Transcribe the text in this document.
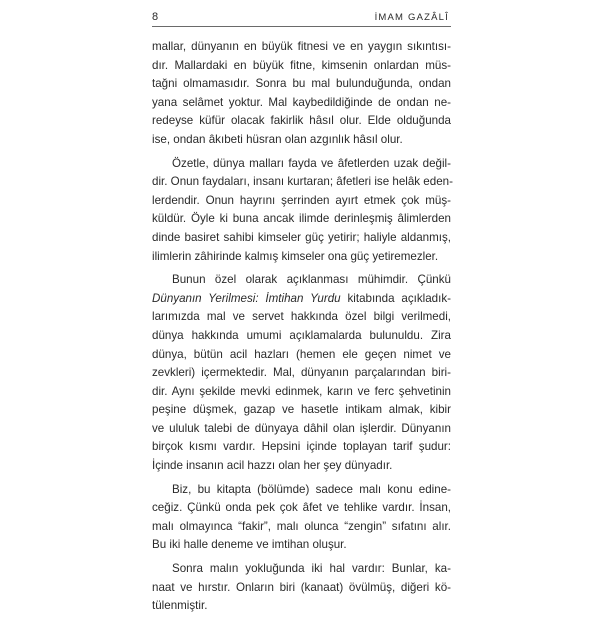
8	İMAM GAZÂLÎ

mallar, dünyanın en büyük fitnesi ve en yaygın sıkıntısı-
dır. Mallardaki en büyük fitne, kimsenin onlardan müs-
tağni olmamasıdır. Sonra bu mal bulunduğunda, ondan
yana selâmet yoktur. Mal kaybedildiğinde de ondan ne-
redeyse küfür olacak fakirlik hâsıl olur. Elde olduğunda
ise, ondan âkıbeti hüsran olan azgınlık hâsıl olur.

Özetle, dünya malları fayda ve âfetlerden uzak değil-
dir. Onun faydaları, insanı kurtaran; âfetleri ise helâk eden-
lerdendir. Onun hayrını şerrinden ayırt etmek çok müş-
küldür. Öyle ki buna ancak ilimde derinleşmiş âlimlerden
dinde basiret sahibi kimseler güç yetirir; haliyle aldanmış,
ilimlerin zâhirinde kalmış kimseler ona güç yetiremezler.

Bunun özel olarak açıklanması mühimdir. Çünkü
Dünyanın Yerilmesi: İmtihan Yurdu kitabında açıkladık-
larımızda mal ve servet hakkında özel bilgi verilmedi,
dünya hakkında umumi açıklamalarda bulunuldu. Zira
dünya, bütün acil hazları (hemen ele geçen nimet ve
zevkleri) içermektedir. Mal, dünyanın parçalarından biri-
dir. Aynı şekilde mevki edinmek, karın ve ferc şehvetinin
peşine düşmek, gazap ve hasetle intikam almak, kibir
ve ululuk talebi de dünyaya dâhil olan işlerdir. Dünyanın
birçok kısmı vardır. Hepsini içinde toplayan tarif şudur:
İçinde insanın acil hazzı olan her şey dünyadır.

Biz, bu kitapta (bölümde) sadece malı konu edine-
ceğiz. Çünkü onda pek çok âfet ve tehlike vardır. İnsan,
malı olmayınca “fakir”, malı olunca “zengin” sıfatını alır.
Bu iki halle deneme ve imtihan oluşur.

Sonra malın yokluğunda iki hal vardır: Bunlar, ka-
naat ve hırstır. Onların biri (kanaat) övülmüş, diğeri kö-
tülenmiştir.
